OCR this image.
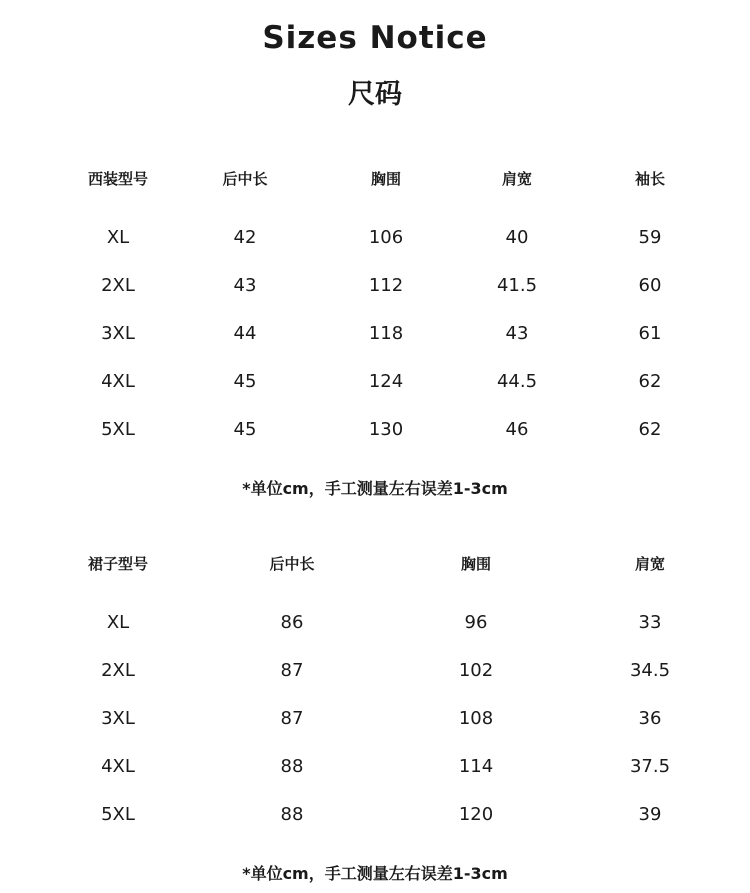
Sizes Notice
尺码
西装型号	后中长	胸围	肩宽	袖长
XL	42	106	40	59
2XL	43	112	41.5	60
3XL	44	118	43	61
4XL	45	124	44.5	62
5XL	45	130	46	62
*单位cm，手工测量左右误差1-3cm
裙子型号	后中长	胸围	肩宽
XL	86	96	33
2XL	87	102	34.5
3XL	87	108	36
4XL	88	114	37.5
5XL	88	120	39
*单位cm，手工测量左右误差1-3cm
